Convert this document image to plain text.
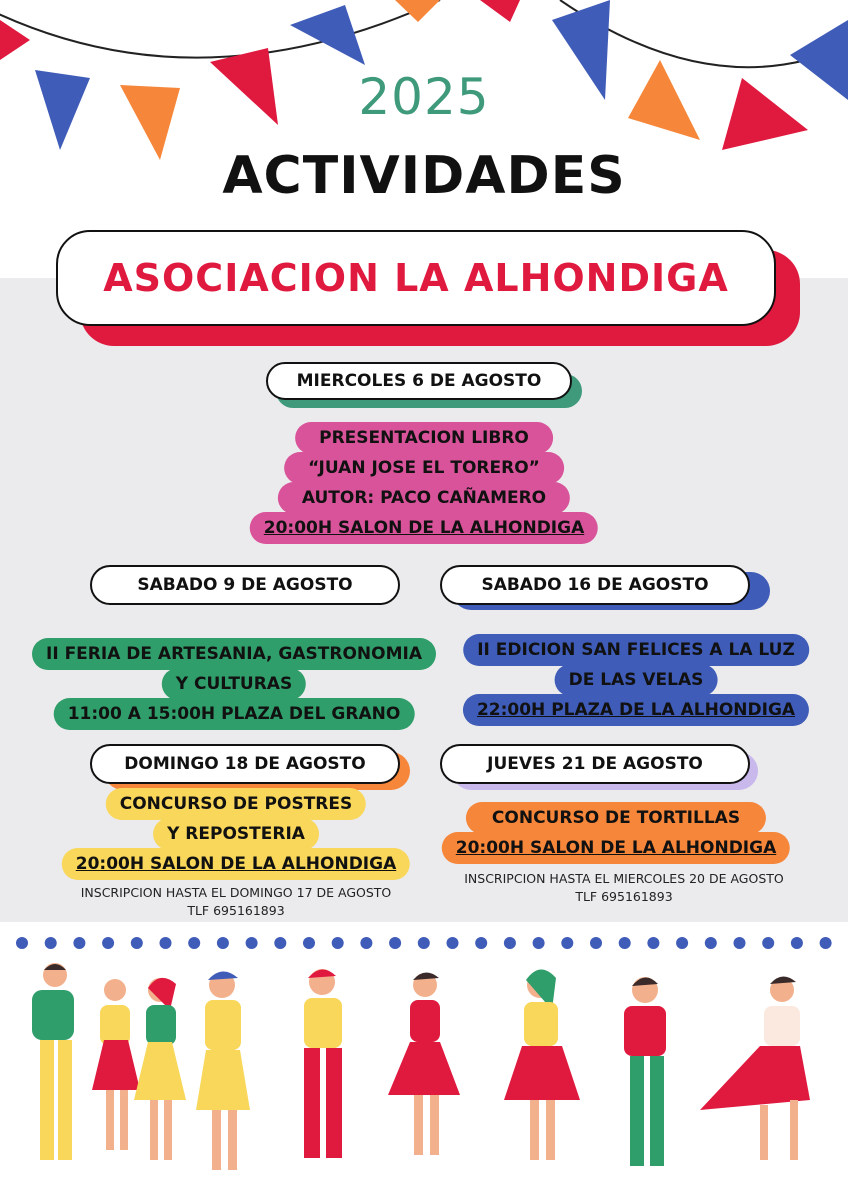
2025
ACTIVIDADES
ASOCIACION LA ALHONDIGA
MIERCOLES 6 DE AGOSTO
PRESENTACION LIBRO
“JUAN JOSE EL TORERO”
AUTOR: PACO CAÑAMERO
20:00H SALON DE LA ALHONDIGA
SABADO 9 DE AGOSTO
II FERIA DE ARTESANIA, GASTRONOMIA
Y CULTURAS
11:00 A 15:00H PLAZA DEL GRANO
SABADO 16 DE AGOSTO
II EDICION SAN FELICES A LA LUZ
DE LAS VELAS
22:00H PLAZA DE LA ALHONDIGA
DOMINGO 18 DE AGOSTO
CONCURSO DE POSTRES
Y REPOSTERIA
20:00H SALON DE LA ALHONDIGA
INSCRIPCION HASTA EL DOMINGO 17 DE AGOSTO
TLF 695161893
JUEVES 21 DE AGOSTO
CONCURSO DE TORTILLAS
20:00H SALON DE LA ALHONDIGA
INSCRIPCION HASTA EL MIERCOLES 20 DE AGOSTO
TLF 695161893
